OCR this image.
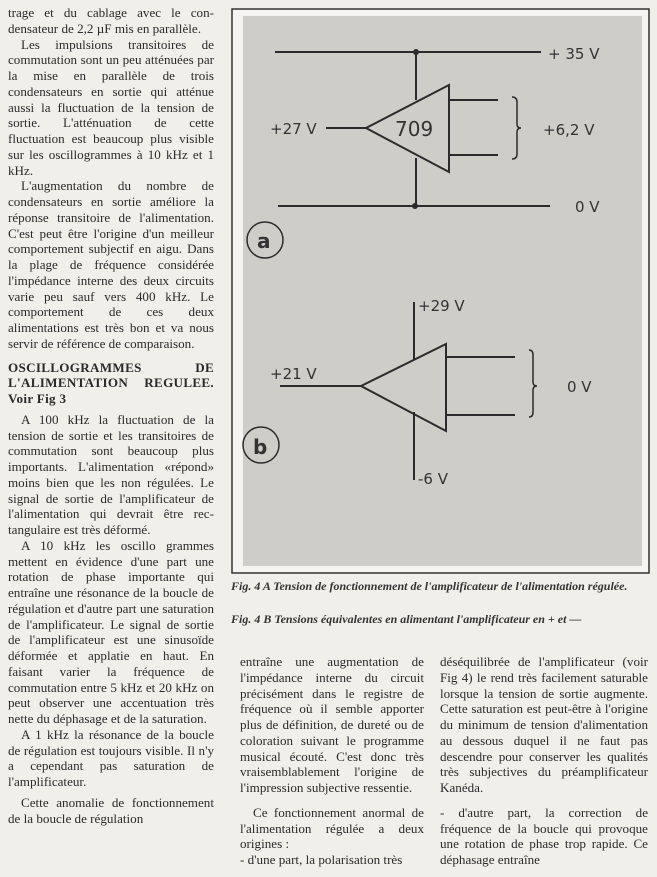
trage et du cablage avec le condensateur de 2,2 µF mis en parallèle.

Les impulsions transitoires de commutation sont un peu atténuées par la mise en parallèle de trois condensateurs en sortie qui atténue aussi la fluctuation de la tension de sortie. L'atténuation de cette fluctuation est beaucoup plus visible sur les oscillogrammes à 10 kHz et 1 kHz.

L'augmentation du nombre de condensateurs en sortie améliore la réponse transitoire de l'alimentation. C'est peut être l'origine d'un meilleur comportement subjectif en aigu. Dans la plage de fréquence considérée l'impédance interne des deux circuits varie peu sauf vers 400 kHz. Le comportement de ces deux alimentations est très bon et va nous servir de référence de comparaison.

OSCILLOGRAMMES DE L'ALIMENTATION REGULEE. Voir Fig 3

A 100 kHz la fluctuation de la tension de sortie et les transitoires de commutation sont beaucoup plus importants. L'alimentation «répond» moins bien que les non régulées. Le signal de sortie de l'amplificateur de l'alimentation qui devrait être rectangulaire est très déformé.

A 10 kHz les oscillo grammes mettent en évidence d'une part une rotation de phase importante qui entraîne une résonance de la boucle de régulation et d'autre part une saturation de l'amplificateur. Le signal de sortie de l'amplificateur est une sinusoïde déformée et applatie en haut. En faisant varier la fréquence de commutation entre 5 kHz et 20 kHz on peut observer une accentuation très nette du déphasage et de la saturation.

A 1 kHz la résonance de la boucle de régulation est toujours visible. Il n'y a cependant pas saturation de l'amplificateur.

Cette anomalie de fonctionnement de la boucle de régulation

+ 35 V
+27 V	709	+6,2 V
0 V
a
+29 V
+21 V
0 V
b
-6 V
Fig. 4 A Tension de fonctionnement de l'amplificateur de l'alimentation régulée.
Fig. 4 B Tensions équivalentes en alimentant l'amplificateur en + et —

entraîne une augmentation de l'impédance interne du circuit précisément dans le registre de fréquence où il semble apporter plus de définition, de dureté ou de coloration suivant le programme musical écouté. C'est donc très vraisemblablement l'origine de l'impression subjective ressentie.

Ce fonctionnement anormal de l'alimentation régulée a deux origines :

- d'une part, la polarisation très

déséquilibrée de l'amplificateur (voir Fig 4) le rend très facilement saturable lorsque la tension de sortie augmente. Cette saturation est peut-être à l'origine du minimum de tension d'alimentation au dessous duquel il ne faut pas descendre pour conserver les qualités très subjectives du préamplificateur Kanéda.

- d'autre part, la correction de fréquence de la boucle qui provoque une rotation de phase trop rapide. Ce déphasage entraîne
